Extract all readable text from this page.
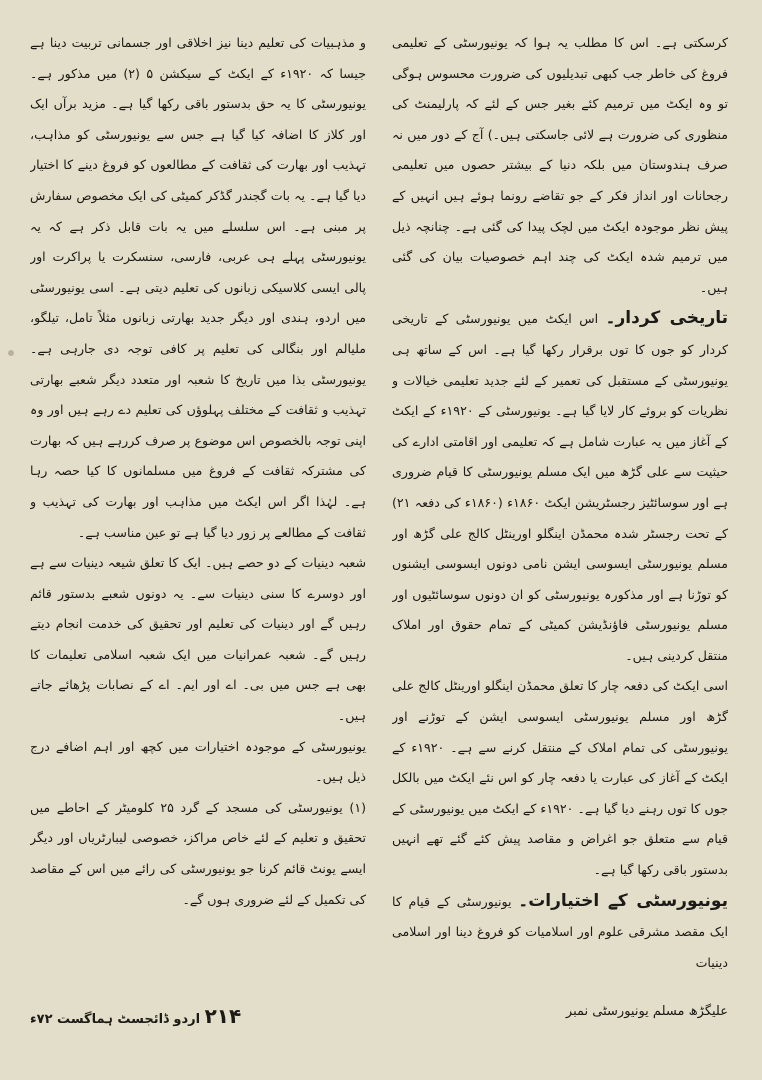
کرسکتی ہے۔ اس کا مطلب یہ ہوا کہ یونیورسٹی کے تعلیمی فروغ کی خاطر جب کبھی تبدیلیوں کی ضرورت محسوس ہوگی تو وہ ایکٹ میں ترمیم کئے بغیر جس کے لئے کہ پارلیمنٹ کی منظوری کی ضرورت ہے لائی جاسکتی ہیں۔) آج کے دور میں نہ صرف ہندوستان میں بلکہ دنیا کے بیشتر حصوں میں تعلیمی رجحانات اور انداز فکر کے جو تقاضے رونما ہوئے ہیں انہیں کے پیش نظر موجودہ ایکٹ میں لچک پیدا کی گئی ہے۔ چنانچہ ذیل میں ترمیم شدہ ایکٹ کی چند اہم خصوصیات بیان کی گئی ہیں۔

تاریخی کردار۔ اس ایکٹ میں یونیورسٹی کے تاریخی کردار کو جوں کا توں برقرار رکھا گیا ہے۔ اس کے ساتھ ہی یونیورسٹی کے مستقبل کی تعمیر کے لئے جدید تعلیمی خیالات و نظریات کو بروئے کار لایا گیا ہے۔ یونیورسٹی کے ۱۹۲۰ء کے ایکٹ کے آغاز میں یہ عبارت شامل ہے کہ تعلیمی اور اقامتی ادارے کی حیثیت سے علی گڑھ میں ایک مسلم یونیورسٹی کا قیام ضروری ہے اور سوسائٹیز رجسٹریشن ایکٹ ۱۸۶۰ء (۱۸۶۰ء کی دفعہ ۲۱) کے تحت رجسٹر شدہ محمڈن اینگلو اورینٹل کالج علی گڑھ اور مسلم یونیورسٹی ایسوسی ایشن نامی دونوں ایسوسی ایشنوں کو توڑنا ہے اور مذکورہ یونیورسٹی کو ان دونوں سوسائٹیوں اور مسلم یونیورسٹی فاؤنڈیشن کمیٹی کے تمام حقوق اور املاک منتقل کردینی ہیں۔

اسی ایکٹ کی دفعہ چار کا تعلق محمڈن اینگلو اورینٹل کالج علی گڑھ اور مسلم یونیورسٹی ایسوسی ایشن کے توڑنے اور یونیورسٹی کی تمام املاک کے منتقل کرنے سے ہے۔ ۱۹۲۰ء کے ایکٹ کے آغاز کی عبارت یا دفعہ چار کو اس نئے ایکٹ میں بالکل جوں کا توں رہنے دیا گیا ہے۔ ۱۹۲۰ء کے ایکٹ میں یونیورسٹی کے قیام سے متعلق جو اغراض و مقاصد پیش کئے گئے تھے انہیں بدستور باقی رکھا گیا ہے۔

یونیورسٹی کے اختیارات۔ یونیورسٹی کے قیام کا ایک مقصد مشرقی علوم اور اسلامیات کو فروغ دینا اور اسلامی دینیات

و مذہبیات کی تعلیم دینا نیز اخلاقی اور جسمانی تربیت دینا ہے جیسا کہ ۱۹۲۰ء کے ایکٹ کے سیکشن ۵ (۲) میں مذکور ہے۔ یونیورسٹی کا یہ حق بدستور باقی رکھا گیا ہے۔ مزید برآں ایک اور کلاز کا اضافہ کیا گیا ہے جس سے یونیورسٹی کو مذاہب، تہذیب اور بھارت کی ثقافت کے مطالعوں کو فروغ دینے کا اختیار دیا گیا ہے۔ یہ بات گجندر گڈکر کمیٹی کی ایک مخصوص سفارش پر مبنی ہے۔ اس سلسلے میں یہ بات قابل ذکر ہے کہ یہ یونیورسٹی پہلے ہی عربی، فارسی، سنسکرت یا پراکرت اور پالی ایسی کلاسیکی زبانوں کی تعلیم دیتی ہے۔ اسی یونیورسٹی میں اردو، ہندی اور دیگر جدید بھارتی زبانوں مثلاً تامل، تیلگو، ملیالم اور بنگالی کی تعلیم پر کافی توجہ دی جارہی ہے۔ یونیورسٹی بذا میں تاریخ کا شعبہ اور متعدد دیگر شعبے بھارتی تہذیب و ثقافت کے مختلف پہلوؤں کی تعلیم دے رہے ہیں اور وہ اپنی توجہ بالخصوص اس موضوع پر صرف کررہے ہیں کہ بھارت کی مشترکہ ثقافت کے فروغ میں مسلمانوں کا کیا حصہ رہا ہے۔ لہٰذا اگر اس ایکٹ میں مذاہب اور بھارت کی تہذیب و ثقافت کے مطالعے پر زور دیا گیا ہے تو عین مناسب ہے۔

شعبہ دینیات کے دو حصے ہیں۔ ایک کا تعلق شیعہ دینیات سے ہے اور دوسرے کا سنی دینیات سے۔ یہ دونوں شعبے بدستور قائم رہیں گے اور دینیات کی تعلیم اور تحقیق کی خدمت انجام دیتے رہیں گے۔ شعبہ عمرانیات میں ایک شعبہ اسلامی تعلیمات کا بھی ہے جس میں بی۔ اے اور ایم۔ اے کے نصابات پڑھائے جاتے ہیں۔

یونیورسٹی کے موجودہ اختیارات میں کچھ اور اہم اضافے درج ذیل ہیں۔

(۱) یونیورسٹی کی مسجد کے گرد ۲۵ کلومیٹر کے احاطے میں تحقیق و تعلیم کے لئے خاص مراکز، خصوصی لیبارٹریاں اور دیگر ایسے یونٹ قائم کرنا جو یونیورسٹی کی رائے میں اس کے مقاصد کی تکمیل کے لئے ضروری ہوں گے۔

۲۱۴ اردو ڈائجسٹ ہماگست ۷۲ء
علیگڑھ مسلم یونیورسٹی نمبر
